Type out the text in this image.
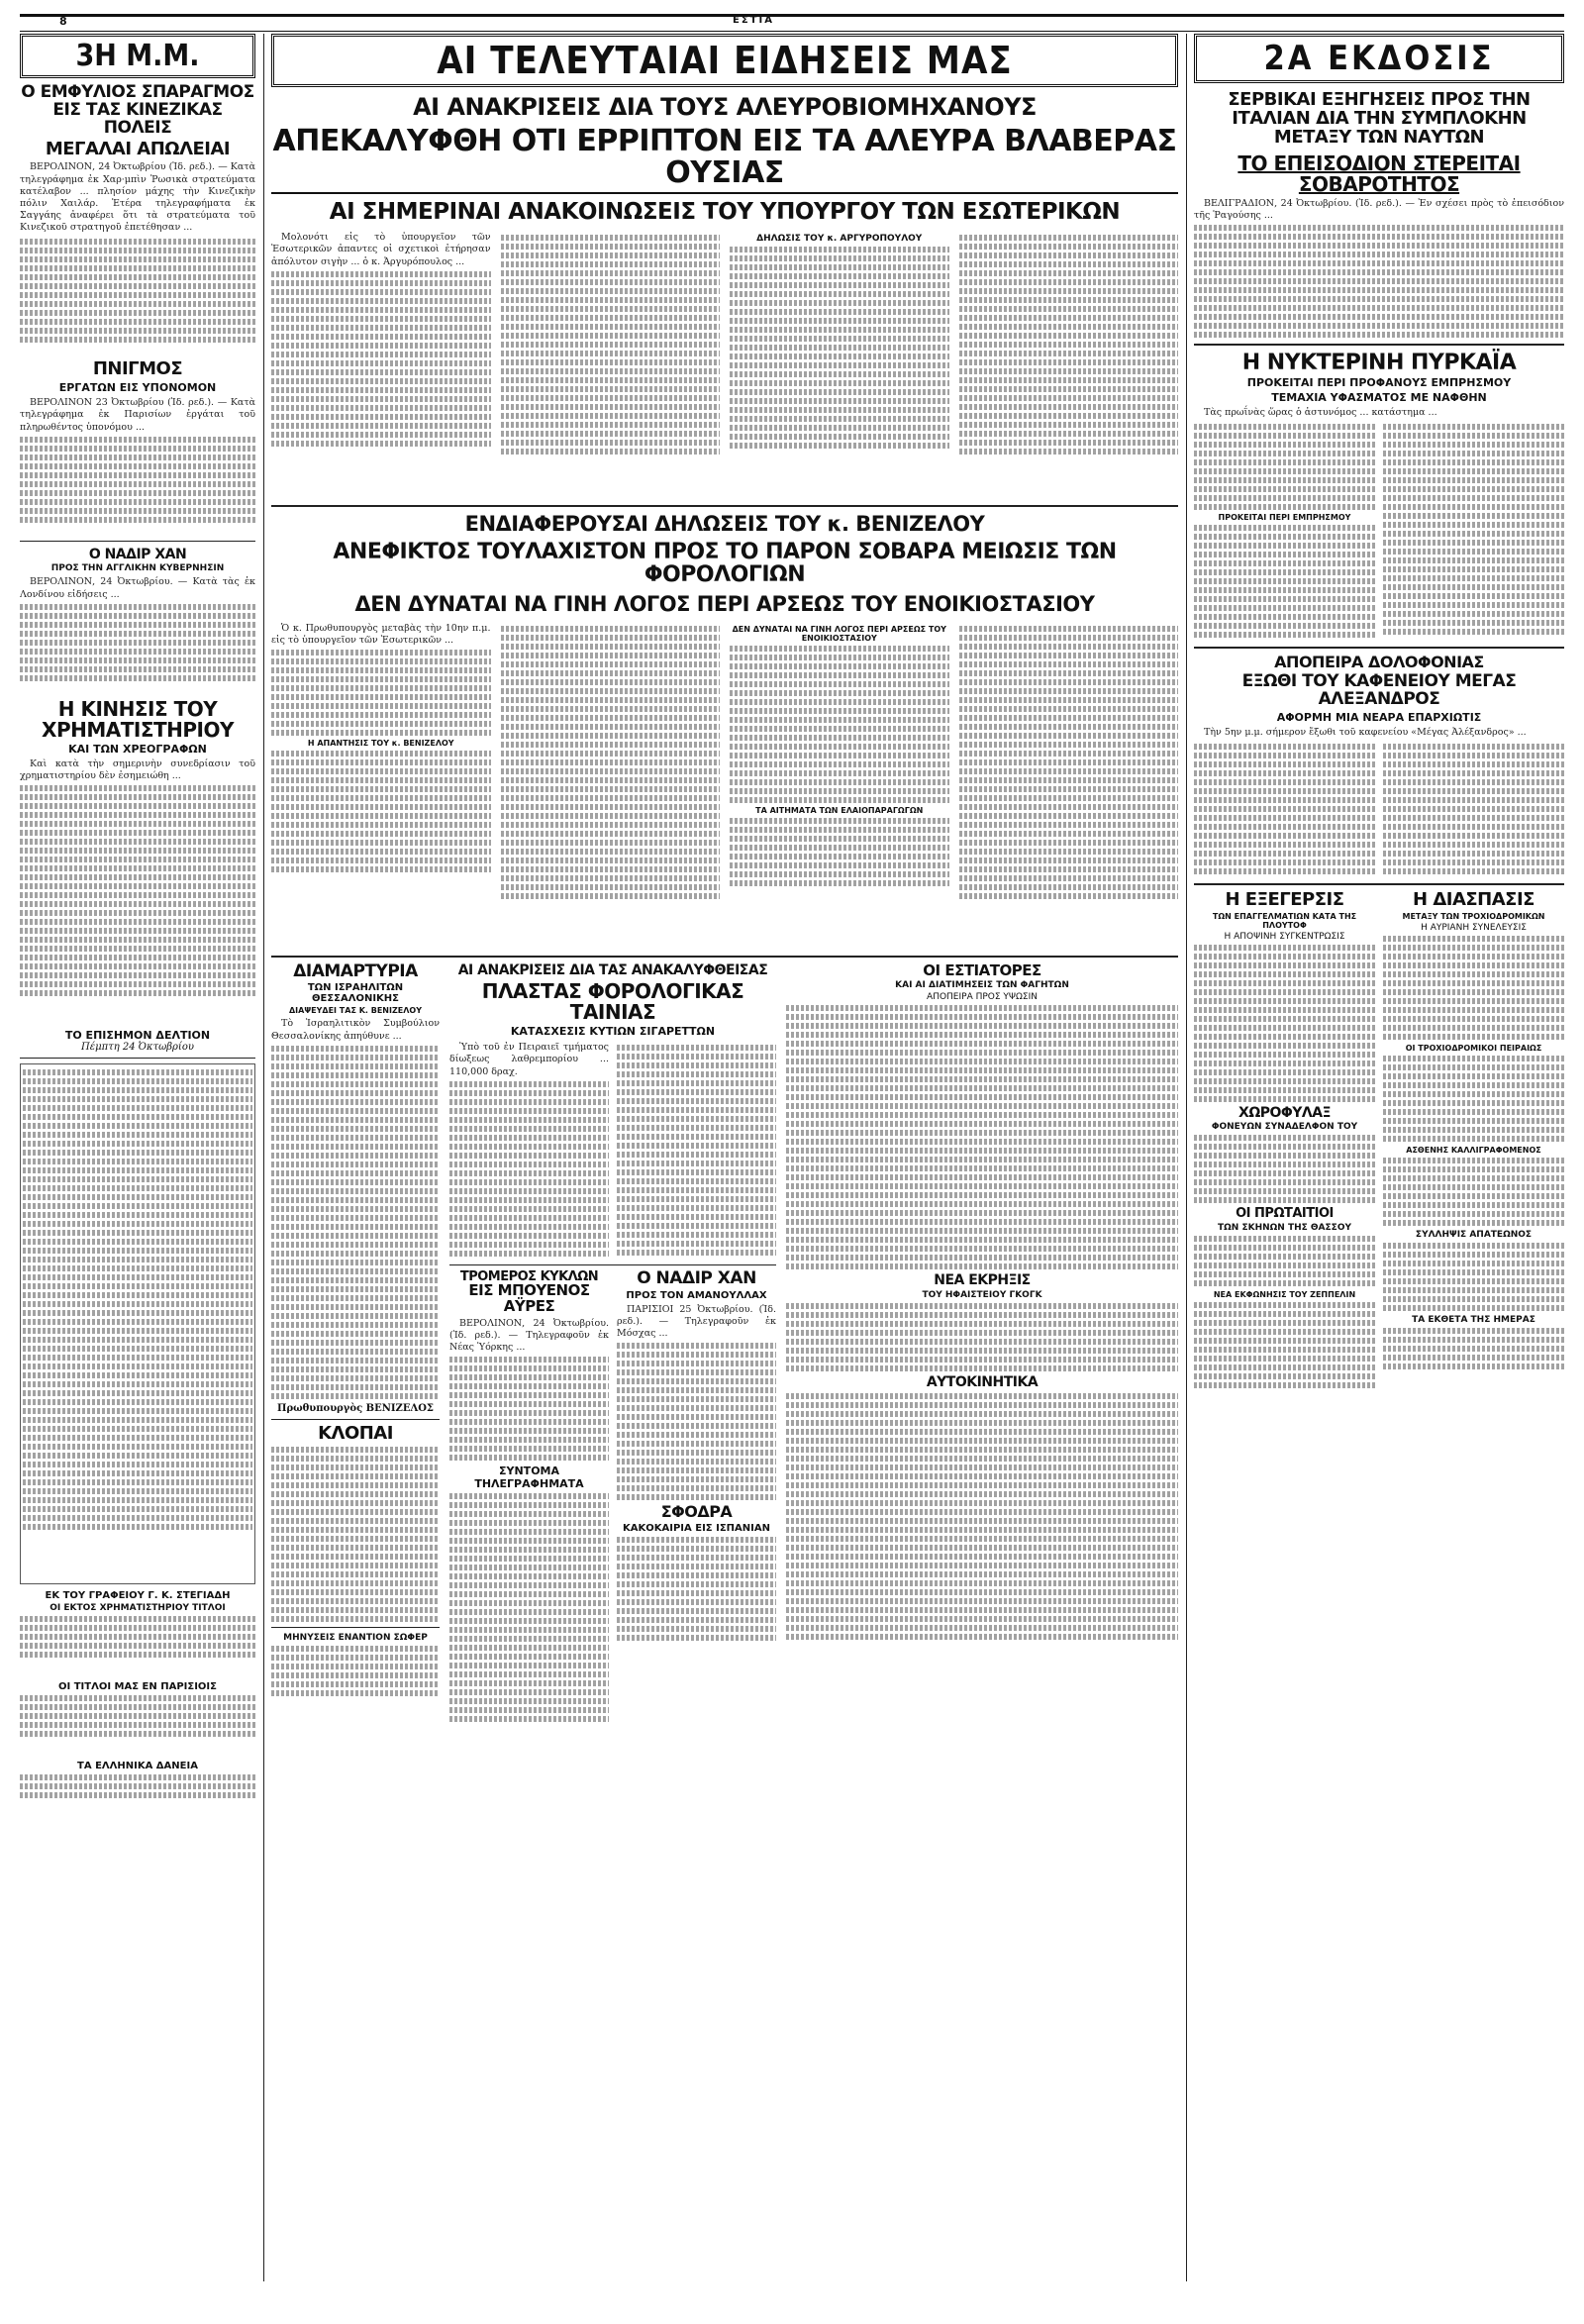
8	ΕΣΤΙΑ
3Η Μ.Μ.
Ο ΕΜΦΥΛΙΟΣ ΣΠΑΡΑΓΜΟΣ ΕΙΣ ΤΑΣ ΚΙΝΕΖΙΚΑΣ ΠΟΛΕΙΣ
ΜΕΓΑΛΑΙ ΑΠΩΛΕΙΑΙ

ΒΕΡΟΛΙΝΟΝ, 24 Ὀκτωβρίου (Ἰδ. ρεδ.). — Κατὰ τηλεγράφημα ἐκ Χαρ·μπὶν Ῥωσικὰ στρατεύματα κατέλαβον ... πλησίον μάχης τὴν Κινεζικὴν πόλιν Χαιλάρ. Ἑτέρα τηλεγραφήματα ἐκ Σαγγάης ἀναφέρει ὅτι τὰ στρατεύματα τοῦ Κινεζικοῦ στρατηγοῦ ἐπετέθησαν ...

ΠΝΙΓΜΟΣ
ΕΡΓΑΤΩΝ ΕΙΣ ΥΠΟΝΟΜΟΝ

ΒΕΡΟΛΙΝΟΝ 23 Ὀκτωβρίου (Ἰδ. ρεδ.). — Κατὰ τηλεγράφημα ἐκ Παρισίων ἐργάται τοῦ πληρωθέντος ὑπονόμου ...

Ο ΝΑΔΙΡ ΧΑΝ
ΠΡΟΣ ΤΗΝ ΑΓΓΛΙΚΗΝ ΚΥΒΕΡΝΗΣΙΝ

ΒΕΡΟΛΙΝΟΝ, 24 Ὀκτωβρίου. — Κατὰ τὰς ἐκ Λονδίνου εἰδήσεις ...

Η ΚΙΝΗΣΙΣ ΤΟΥ ΧΡΗΜΑΤΙΣΤΗΡΙΟΥ
ΚΑΙ ΤΩΝ ΧΡΕΟΓΡΑΦΩΝ

Καὶ κατὰ τὴν σημερινὴν συνεδρίασιν τοῦ χρηματιστηρίου δὲν ἐσημειώθη ...

ΤΟ ΕΠΙΣΗΜΟΝ ΔΕΛΤΙΟΝ
Πέμπτη 24 Ὀκτωβρίου
ΕΚ ΤΟΥ ΓΡΑΦΕΙΟΥ Γ. Κ. ΣΤΕΓΙΑΔΗ
ΟΙ ΕΚΤΟΣ ΧΡΗΜΑΤΙΣΤΗΡΙΟΥ ΤΙΤΛΟΙ
ΟΙ ΤΙΤΛΟΙ ΜΑΣ ΕΝ ΠΑΡΙΣΙΟΙΣ
ΤΑ ΕΛΛΗΝΙΚΑ ΔΑΝΕΙΑ
ΑΙ ΤΕΛΕΥΤΑΙΑΙ ΕΙΔΗΣΕΙΣ ΜΑΣ
ΑΙ ΑΝΑΚΡΙΣΕΙΣ ΔΙΑ ΤΟΥΣ ΑΛΕΥΡΟΒΙΟΜΗΧΑΝΟΥΣ
ΑΠΕΚΑΛΥΦΘΗ ΟΤΙ ΕΡΡΙΠΤΟΝ ΕΙΣ ΤΑ ΑΛΕΥΡΑ ΒΛΑΒΕΡΑΣ ΟΥΣΙΑΣ
ΑΙ ΣΗΜΕΡΙΝΑΙ ΑΝΑΚΟΙΝΩΣΕΙΣ ΤΟΥ ΥΠΟΥΡΓΟΥ ΤΩΝ ΕΣΩΤΕΡΙΚΩΝ

Μολονότι εἰς τὸ ὑπουργεῖον τῶν Ἐσωτερικῶν ἀπαντες οἱ σχετικοὶ ἐτήρησαν ἀπόλυτον σιγὴν ... ὁ κ. Ἀργυρόπουλος ...

ΔΗΛΩΣΙΣ ΤΟΥ κ. ΑΡΓΥΡΟΠΟΥΛΟΥ
ΕΝΔΙΑΦΕΡΟΥΣΑΙ ΔΗΛΩΣΕΙΣ ΤΟΥ κ. ΒΕΝΙΖΕΛΟΥ
ΑΝΕΦΙΚΤΟΣ ΤΟΥΛΑΧΙΣΤΟΝ ΠΡΟΣ ΤΟ ΠΑΡΟΝ ΣΟΒΑΡΑ ΜΕΙΩΣΙΣ ΤΩΝ ΦΟΡΟΛΟΓΙΩΝ
ΔΕΝ ΔΥΝΑΤΑΙ ΝΑ ΓΙΝΗ ΛΟΓΟΣ ΠΕΡΙ ΑΡΣΕΩΣ ΤΟΥ ΕΝΟΙΚΙΟΣΤΑΣΙΟΥ

Ὁ κ. Πρωθυπουργὸς μεταβὰς τὴν 10ην π.μ. εἰς τὸ ὑπουργεῖον τῶν Ἐσωτερικῶν ...

Η ΑΠΑΝΤΗΣΙΣ ΤΟΥ κ. ΒΕΝΙΖΕΛΟΥ
ΔΕΝ ΔΥΝΑΤΑΙ ΝΑ ΓΙΝΗ ΛΟΓΟΣ ΠΕΡΙ ΑΡΣΕΩΣ ΤΟΥ ΕΝΟΙΚΙΟΣΤΑΣΙΟΥ
ΤΑ ΑΙΤΗΜΑΤΑ ΤΩΝ ΕΛΑΙΟΠΑΡΑΓΩΓΩΝ
ΔΙΑΜΑΡΤΥΡΙΑ
ΤΩΝ ΙΣΡΑΗΛΙΤΩΝ ΘΕΣΣΑΛΟΝΙΚΗΣ
ΔΙΑΨΕΥΔΕΙ ΤΑΣ Κ. ΒΕΝΙΖΕΛΟΥ

Τὸ Ἰσραηλιτικὸν Συμβούλιον Θεσσαλονίκης ἀπηύθυνε ...

Πρωθυπουργὸς ΒΕΝΙΖΕΛΟΣ
ΚΛΟΠΑΙ
ΜΗΝΥΣΕΙΣ ΕΝΑΝΤΙΟΝ ΣΩΦΕΡ
ΑΙ ΑΝΑΚΡΙΣΕΙΣ ΔΙΑ ΤΑΣ ΑΝΑΚΑΛΥΦΘΕΙΣΑΣ
ΠΛΑΣΤΑΣ ΦΟΡΟΛΟΓΙΚΑΣ ΤΑΙΝΙΑΣ
ΚΑΤΑΣΧΕΣΙΣ ΚΥΤΙΩΝ ΣΙΓΑΡΕΤΤΩΝ

Ὑπὸ τοῦ ἐν Πειραιεῖ τμήματος δίωξεως λαθρεμπορίου ... 110,000 δραχ.

ΤΡΟΜΕΡΟΣ ΚΥΚΛΩΝ
ΕΙΣ ΜΠΟΥΕΝΟΣ ΑΫΡΕΣ

ΒΕΡΟΛΙΝΟΝ, 24 Ὀκτωβρίου. (Ἰδ. ρεδ.). — Τηλεγραφοῦν ἐκ Νέας Ὑόρκης ...

ΣΥΝΤΟΜΑ ΤΗΛΕΓΡΑΦΗΜΑΤΑ
Ο ΝΑΔΙΡ ΧΑΝ
ΠΡΟΣ ΤΟΝ ΑΜΑΝΟΥΛΛΑΧ

ΠΑΡΙΣΙΟΙ 25 Ὀκτωβρίου. (Ἰδ. ρεδ.). — Τηλεγραφοῦν ἐκ Μόσχας ...

ΣΦΟΔΡΑ
ΚΑΚΟΚΑΙΡΙΑ ΕΙΣ ΙΣΠΑΝΙΑΝ
ΟΙ ΕΣΤΙΑΤΟΡΕΣ
ΚΑΙ ΑΙ ΔΙΑΤΙΜΗΣΕΙΣ ΤΩΝ ΦΑΓΗΤΩΝ
ΑΠΟΠΕΙΡΑ ΠΡΟΣ ΥΨΩΣΙΝ
ΝΕΑ ΕΚΡΗΞΙΣ
ΤΟΥ ΗΦΑΙΣΤΕΙΟΥ ΓΚΟΓΚ
ΑΥΤΟΚΙΝΗΤΙΚΑ
2Α ΕΚΔΟΣΙΣ
ΣΕΡΒΙΚΑΙ ΕΞΗΓΗΣΕΙΣ ΠΡΟΣ ΤΗΝ ΙΤΑΛΙΑΝ ΔΙΑ ΤΗΝ ΣΥΜΠΛΟΚΗΝ ΜΕΤΑΞΥ ΤΩΝ ΝΑΥΤΩΝ
ΤΟ ΕΠΕΙΣΟΔΙΟΝ ΣΤΕΡΕΙΤΑΙ ΣΟΒΑΡΟΤΗΤΟΣ

ΒΕΛΙΓΡΑΔΙΟΝ, 24 Ὀκτωβρίου. (Ἰδ. ρεδ.). — Ἐν σχέσει πρὸς τὸ ἐπεισόδιον τῆς Ῥαγούσης ...

Η ΝΥΚΤΕΡΙΝΗ ΠΥΡΚΑΪΑ
ΠΡΟΚΕΙΤΑΙ ΠΕΡΙ ΠΡΟΦΑΝΟΥΣ ΕΜΠΡΗΣΜΟΥ
ΤΕΜΑΧΙΑ ΥΦΑΣΜΑΤΟΣ ΜΕ ΝΑΦΘΗΝ

Τὰς πρωΐνὰς ὥρας ὁ ἀστυνόμος ... κατάστημα ...

ΠΡΟΚΕΙΤΑΙ ΠΕΡΙ ΕΜΠΡΗΣΜΟΥ
ΑΠΟΠΕΙΡΑ ΔΟΛΟΦΟΝΙΑΣ
ΕΞΩΘΙ ΤΟΥ ΚΑΦΕΝΕΙΟΥ ΜΕΓΑΣ ΑΛΕΞΑΝΔΡΟΣ
ΑΦΟΡΜΗ ΜΙΑ ΝΕΑΡΑ ΕΠΑΡΧΙΩΤΙΣ

Τὴν 5ην μ.μ. σήμερον ἔξωθι τοῦ καφενείου «Μέγας Ἀλέξανδρος» ...

Η ΕΞΕΓΕΡΣΙΣ
ΤΩΝ ΕΠΑΓΓΕΛΜΑΤΙΩΝ ΚΑΤΑ ΤΗΣ ΠΛΟΥΤΟΦ
Η ΑΠΟΨΙΝΗ ΣΥΓΚΕΝΤΡΩΣΙΣ
ΧΩΡΟΦΥΛΑΞ
ΦΟΝΕΥΩΝ ΣΥΝΑΔΕΛΦΟΝ ΤΟΥ
ΟΙ ΠΡΩΤΑΙΤΙΟΙ
ΤΩΝ ΣΚΗΝΩΝ ΤΗΣ ΘΑΣΣΟΥ
ΝΕΑ ΕΚΦΩΝΗΣΙΣ ΤΟΥ ΖΕΠΠΕΛΙΝ
Η ΔΙΑΣΠΑΣΙΣ
ΜΕΤΑΞΥ ΤΩΝ ΤΡΟΧΙΟΔΡΟΜΙΚΩΝ
Η ΑΥΡΙΑΝΗ ΣΥΝΕΛΕΥΣΙΣ
ΟΙ ΤΡΟΧΙΟΔΡΟΜΙΚΟΙ ΠΕΙΡΑΙΩΣ
ΑΣΘΕΝΗΣ ΚΑΛΛΙΓΡΑΦΟΜΕΝΟΣ
ΣΥΛΛΗΨΙΣ ΑΠΑΤΕΩΝΟΣ
ΤΑ ΕΚΘΕΤΑ ΤΗΣ ΗΜΕΡΑΣ
